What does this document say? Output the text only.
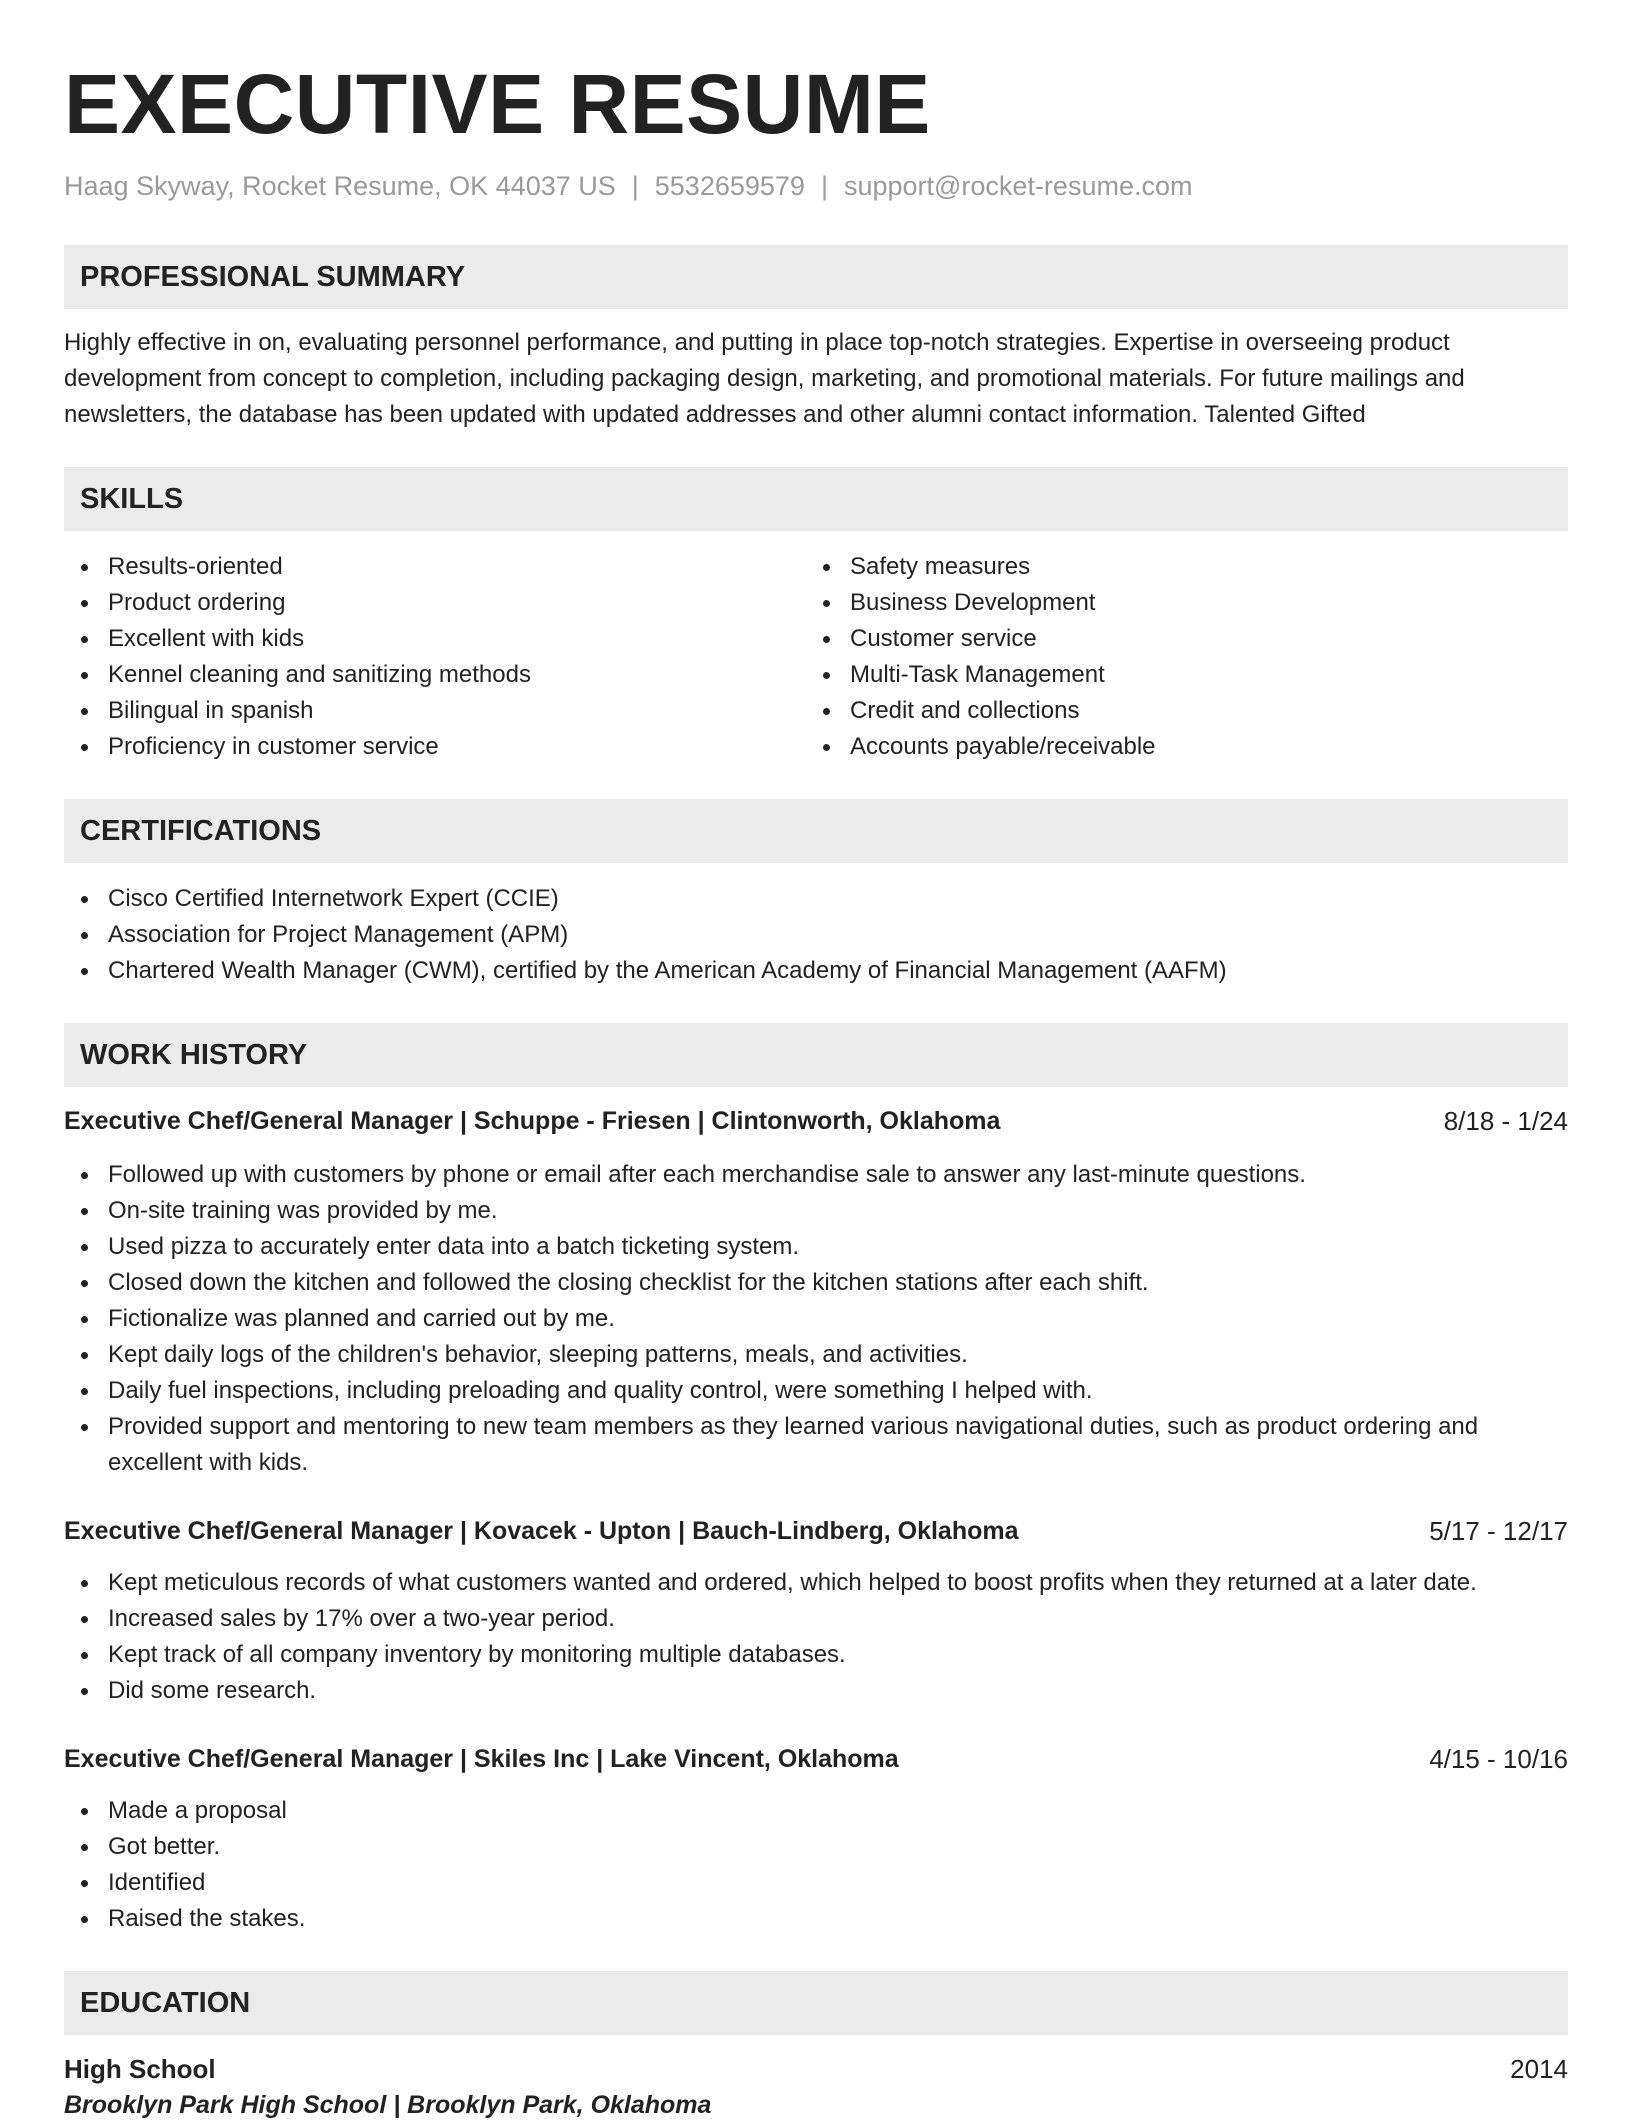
EXECUTIVE RESUME
Haag Skyway, Rocket Resume, OK 44037 US | 5532659579 | support@rocket-resume.com
PROFESSIONAL SUMMARY

Highly effective in on, evaluating personnel performance, and putting in place top-notch strategies. Expertise in overseeing product development from concept to completion, including packaging design, marketing, and promotional materials. For future mailings and newsletters, the database has been updated with updated addresses and other alumni contact information. Talented Gifted

SKILLS
Results-oriented
Product ordering
Excellent with kids
Kennel cleaning and sanitizing methods
Bilingual in spanish
Proficiency in customer service
Safety measures
Business Development
Customer service
Multi-Task Management
Credit and collections
Accounts payable/receivable
CERTIFICATIONS
Cisco Certified Internetwork Expert (CCIE)
Association for Project Management (APM)
Chartered Wealth Manager (CWM), certified by the American Academy of Financial Management (AAFM)
WORK HISTORY
Executive Chef/General Manager | Schuppe - Friesen | Clintonworth, Oklahoma	8/18 - 1/24
Followed up with customers by phone or email after each merchandise sale to answer any last-minute questions.
On-site training was provided by me.
Used pizza to accurately enter data into a batch ticketing system.
Closed down the kitchen and followed the closing checklist for the kitchen stations after each shift.
Fictionalize was planned and carried out by me.
Kept daily logs of the children's behavior, sleeping patterns, meals, and activities.
Daily fuel inspections, including preloading and quality control, were something I helped with.
Provided support and mentoring to new team members as they learned various navigational duties, such as product ordering and excellent with kids.
Executive Chef/General Manager | Kovacek - Upton | Bauch-Lindberg, Oklahoma	5/17 - 12/17
Kept meticulous records of what customers wanted and ordered, which helped to boost profits when they returned at a later date.
Increased sales by 17% over a two-year period.
Kept track of all company inventory by monitoring multiple databases.
Did some research.
Executive Chef/General Manager | Skiles Inc | Lake Vincent, Oklahoma	4/15 - 10/16
Made a proposal
Got better.
Identified
Raised the stakes.
EDUCATION
High School	2014
Brooklyn Park High School | Brooklyn Park, Oklahoma
